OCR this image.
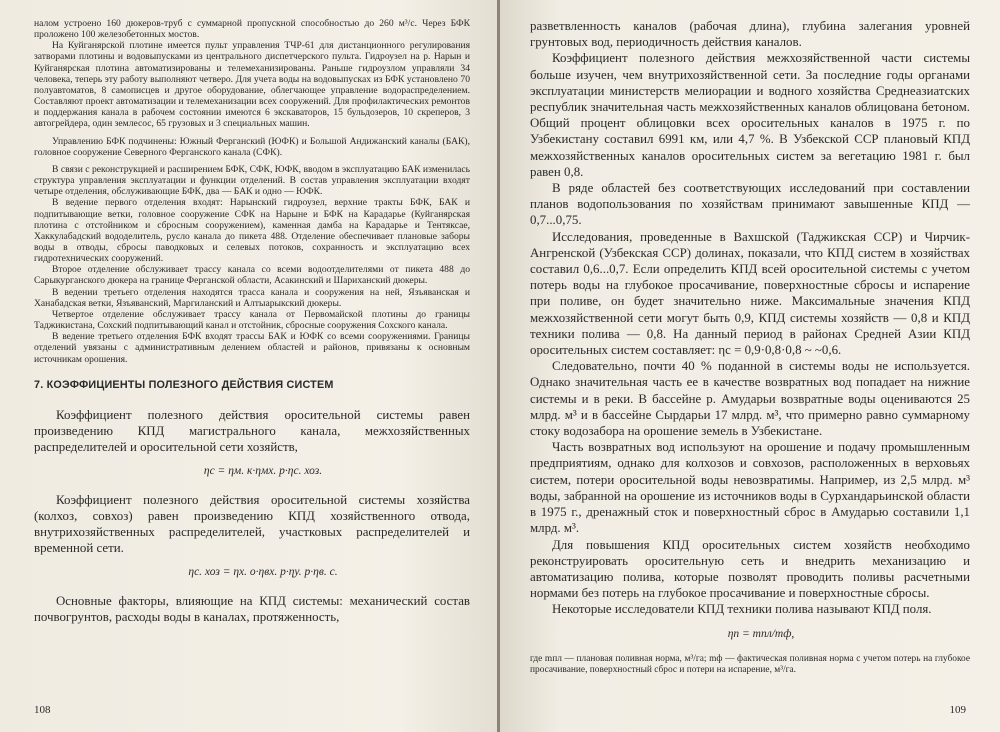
налом устроено 160 дюкеров-труб с суммарной пропускной способностью до 260 м³/с. Через БФК проложено 100 железобетонных мостов.

На Куйганярской плотине имеется пульт управления ТЧР-61 для дистанционного регулирования затворами плотины и водовыпусками из центрального диспетчерского пульта. Гидроузел на р. Нарын и Куйганярская плотина автоматизированы и телемеханизированы. Раньше гидроузлом управляли 34 человека, теперь эту работу выполняют четверо. Для учета воды на водовыпусках из БФК установлено 70 полуавтоматов, 8 самописцев и другое оборудование, облегчающее управление водораспределением. Составляют проект автоматизации и телемеханизации всех сооружений. Для профилактических ремонтов и поддержания канала в рабочем состоянии имеются 6 экскаваторов, 15 бульдозеров, 10 скреперов, 3 автогрейдера, один землесос, 65 грузовых и 3 специальных машин.

Управлению БФК подчинены: Южный Ферганский (ЮФК) и Большой Андижанский каналы (БАК), головное сооружение Северного Ферганского канала (СФК).

В связи с реконструкцией и расширением БФК, СФК, ЮФК, вводом в эксплуатацию БАК изменилась структура управления эксплуатации и функции отделений. В состав управления эксплуатации входят четыре отделения, обслуживающие БФК, два — БАК и одно — ЮФК.

В ведение первого отделения входят: Нарынский гидроузел, верхние тракты БФК, БАК и подпитывающие ветки, головное сооружение СФК на Нарыне и БФК на Карадарье (Куйганярская плотина с отстойником и сбросным сооружением), каменная дамба на Карадарье и Тентяксае, Хаккулабадский вододелитель, русло канала до пикета 488. Отделение обеспечивает плановые заборы воды в отводы, сбросы паводковых и селевых потоков, сохранность и эксплуатацию всех гидротехнических сооружений.

Второе отделение обслуживает трассу канала со всеми водоотделителями от пикета 488 до Сарыкурганского дюкера на границе Ферганской области, Асакинский и Шариханский дюкеры.

В ведении третьего отделения находятся трасса канала и сооружения на ней, Язъяванская и Ханабадская ветки, Язъяванский, Маргиланский и Алтыарыкский дюкеры.

Четвертое отделение обслуживает трассу канала от Первомайской плотины до границы Таджикистана, Сохский подпитывающий канал и отстойник, сбросные сооружения Сохского канала.

В ведение третьего отделения БФК входят трассы БАК и ЮФК со всеми сооружениями. Границы отделений увязаны с административным делением областей и районов, привязаны к основным источникам орошения.

7. КОЭФФИЦИЕНТЫ ПОЛЕЗНОГО ДЕЙСТВИЯ СИСТЕМ

Коэффициент полезного действия оросительной системы равен произведению КПД магистрального канала, межхозяйственных распределителей и оросительной сети хозяйств,

ηс = ηм. к·ηмх. р·ηс. хоз.

Коэффициент полезного действия оросительной системы хозяйства (колхоз, совхоз) равен произведению КПД хозяйственного отвода, внутрихозяйственных распределителей, участковых распределителей и временной сети.

ηс. хоз = ηх. о·ηвх. р·ηу. р·ηв. с.

Основные факторы, влияющие на КПД системы: механический состав почвогрунтов, расходы воды в каналах, протяженность,

108

разветвленность каналов (рабочая длина), глубина залегания уровней грунтовых вод, периодичность действия каналов.

Коэффициент полезного действия межхозяйственной части системы больше изучен, чем внутрихозяйственной сети. За последние годы органами эксплуатации министерств мелиорации и водного хозяйства Среднеазиатских республик значительная часть межхозяйственных каналов облицована бетоном. Общий процент облицовки всех оросительных каналов в 1975 г. по Узбекистану составил 6991 км, или 4,7 %. В Узбекской ССР плановый КПД межхозяйственных каналов оросительных систем за вегетацию 1981 г. был равен 0,8.

В ряде областей без соответствующих исследований при составлении планов водопользования по хозяйствам принимают завышенные КПД — 0,7...0,75.

Исследования, проведенные в Вахшской (Таджикская ССР) и Чирчик-Ангренской (Узбекская ССР) долинах, показали, что КПД систем в хозяйствах составил 0,6...0,7. Если определить КПД всей оросительной системы с учетом потерь воды на глубокое просачивание, поверхностные сбросы и испарение при поливе, он будет значительно ниже. Максимальные значения КПД межхозяйственной сети могут быть 0,9, КПД системы хозяйств — 0,8 и КПД техники полива — 0,8. На данный период в районах Средней Азии КПД оросительных систем составляет: ηс = 0,9·0,8·0,8 ~ ~0,6.

Следовательно, почти 40 % поданной в системы воды не используется. Однако значительная часть ее в качестве возвратных вод попадает на нижние системы и в реки. В бассейне р. Амударьи возвратные воды оцениваются 25 млрд. м³ и в бассейне Сырдарьи 17 млрд. м³, что примерно равно суммарному стоку водозабора на орошение земель в Узбекистане.

Часть возвратных вод используют на орошение и подачу промышленным предприятиям, однако для колхозов и совхозов, расположенных в верховьях систем, потери оросительной воды невозвратимы. Например, из 2,5 млрд. м³ воды, забранной на орошение из источников воды в Сурхандарьинской области в 1975 г., дренажный сток и поверхностный сброс в Амударью составили 1,1 млрд. м³.

Для повышения КПД оросительных систем хозяйств необходимо реконструировать оросительную сеть и внедрить механизацию и автоматизацию полива, которые позволят проводить поливы расчетными нормами без потерь на глубокое просачивание и поверхностные сбросы.

Некоторые исследователи КПД техники полива называют КПД поля.

ηп = mпл/mф,

где mпл — плановая поливная норма, м³/га; mф — фактическая поливная норма с учетом потерь на глубокое просачивание, поверхностный сброс и потери на испарение, м³/га.

109
